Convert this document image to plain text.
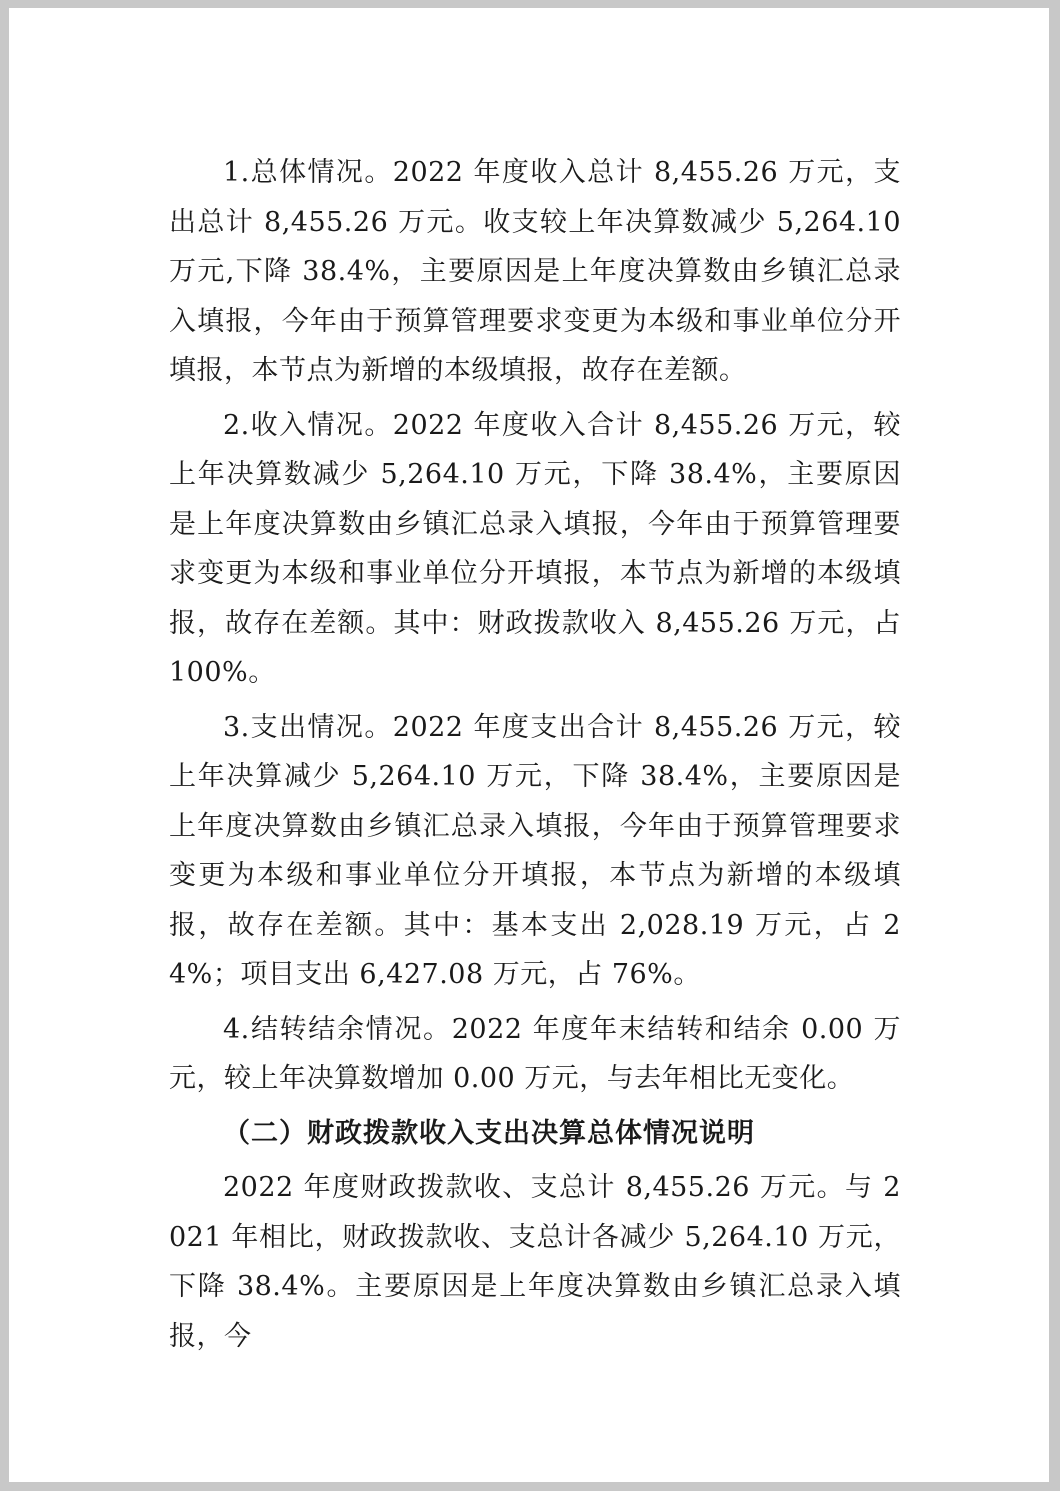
1.总体情况。2022 年度收入总计 8,455.26 万元，支出总计 8,455.26 万元。收支较上年决算数减少 5,264.10 万元,下降 38.4%，主要原因是上年度决算数由乡镇汇总录入填报，今年由于预算管理要求变更为本级和事业单位分开填报，本节点为新增的本级填报，故存在差额。

2.收入情况。2022 年度收入合计 8,455.26 万元，较上年决算数减少 5,264.10 万元，下降 38.4%，主要原因是上年度决算数由乡镇汇总录入填报，今年由于预算管理要求变更为本级和事业单位分开填报，本节点为新增的本级填报，故存在差额。其中：财政拨款收入 8,455.26 万元，占 100%。

3.支出情况。2022 年度支出合计 8,455.26 万元，较上年决算减少 5,264.10 万元，下降 38.4%，主要原因是上年度决算数由乡镇汇总录入填报，今年由于预算管理要求变更为本级和事业单位分开填报，本节点为新增的本级填报，故存在差额。其中：基本支出 2,028.19 万元，占 24%；项目支出 6,427.08 万元，占 76%。

4.结转结余情况。2022 年度年末结转和结余 0.00 万元，较上年决算数增加 0.00 万元，与去年相比无变化。

（二）财政拨款收入支出决算总体情况说明

2022 年度财政拨款收、支总计 8,455.26 万元。与 2021 年相比，财政拨款收、支总计各减少 5,264.10 万元，下降 38.4%。主要原因是上年度决算数由乡镇汇总录入填报，今
